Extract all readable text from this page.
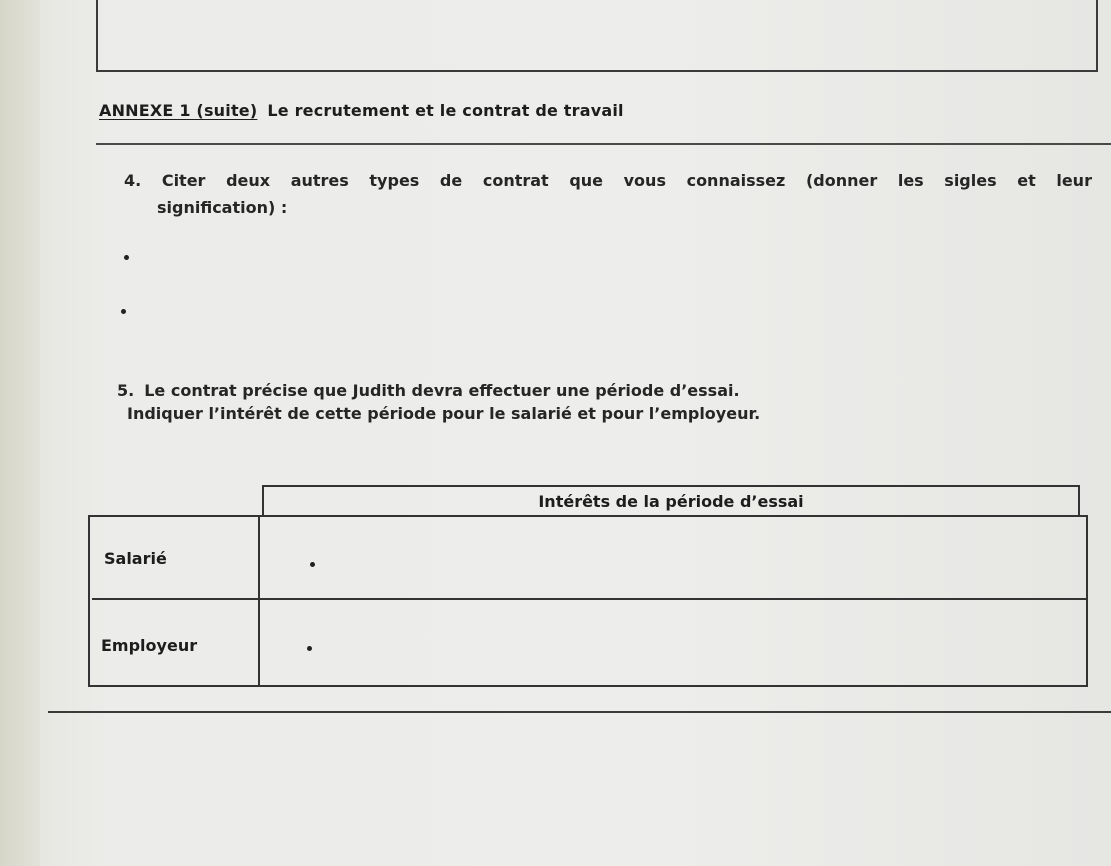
ANNEXE 1 (suite) Le recrutement et le contrat de travail
4. Citer deux autres types de contrat que vous connaissez (donner les sigles et leur
signification) :
5. Le contrat précise que Judith devra effectuer une période d’essai.
Indiquer l’intérêt de cette période pour le salarié et pour l’employeur.
Intérêts de la période d’essai
Salarié
Employeur
